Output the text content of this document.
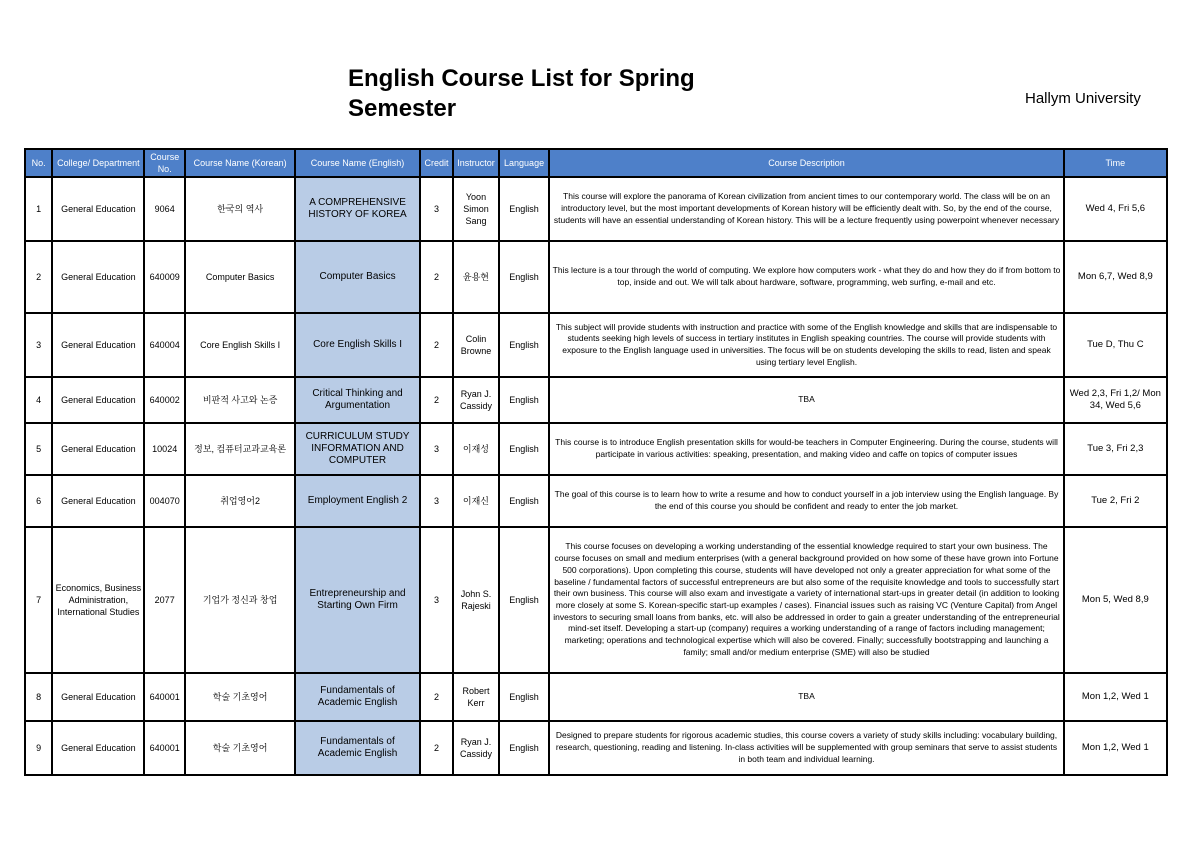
English Course List for Spring Semester	Hallym University
No.	College/ Department	Course No.	Course Name (Korean)	Course Name (English)	Credit	Instructor	Language	Course Description	Time
1	General Education	9064	한국의 역사	A COMPREHENSIVE HISTORY OF KOREA	3	Yoon Simon Sang	English	This course will explore the panorama of Korean civilization from ancient times to our contemporary world. The class will be on an introductory level, but the most important developments of Korean history will be efficiently dealt with. So, by the end of the course, students will have an essential understanding of Korean history. This will be a lecture frequently using powerpoint whenever necessary	Wed 4, Fri 5,6
2	General Education	640009	Computer Basics	Computer Basics	2	윤용현	English	This lecture is a tour through the world of computing. We explore how computers work - what they do and how they do if from bottom to top, inside and out. We will talk about hardware, software, programming, web surfing, e-mail and etc.	Mon 6,7, Wed 8,9
3	General Education	640004	Core English Skills I	Core English Skills I	2	Colin Browne	English	This subject will provide students with instruction and practice with some of the English knowledge and skills that are indispensable to students seeking high levels of success in tertiary institutes in English speaking countries. The course will provide students with exposure to the English language used in universities. The focus will be on students developing the skills to read, listen and speak using tertiary level English.	Tue D, Thu C
4	General Education	640002	비판적 사고와 논증	Critical Thinking and Argumentation	2	Ryan J. Cassidy	English	TBA	Wed 2,3, Fri 1,2/ Mon 34, Wed 5,6
5	General Education	10024	정보, 컴퓨터교과교육론	CURRICULUM STUDY INFORMATION AND COMPUTER	3	이재성	English	This course is to introduce English presentation skills for would-be teachers in Computer Engineering. During the course, students will participate in various activities: speaking, presentation, and making video and caffe on topics of computer issues	Tue 3, Fri 2,3
6	General Education	004070	취업영어2	Employment English 2	3	이재신	English	The goal of this course is to learn how to write a resume and how to conduct yourself in a job interview using the English language. By the end of this course you should be confident and ready to enter the job market.	Tue 2, Fri 2
7	Economics, Business Administration, International Studies	2077	기업가 정신과 창업	Entrepreneurship and Starting Own Firm	3	John S. Rajeski	English	This course focuses on developing a working understanding of the essential knowledge required to start your own business. The course focuses on small and medium enterprises (with a general background provided on how some of these have grown into Fortune 500 corporations). Upon completing this course, students will have developed not only a greater appreciation for what some of the baseline / fundamental factors of successful entrepreneurs are but also some of the requisite knowledge and tools to successfully start their own business. This course will also exam and investigate a variety of international start-ups in greater detail (in addition to looking more closely at some S. Korean-specific start-up examples / cases). Financial issues such as raising VC (Venture Capital) from Angel investors to securing small loans from banks, etc. will also be addressed in order to gain a greater understanding of the entrepreneurial mind-set itself. Developing a start-up (company) requires a working understanding of a range of factors including management; marketing; operations and technological expertise which will also be covered. Finally; successfully bootstrapping and launching a family; small and/or medium enterprise (SME) will also be studied	Mon 5, Wed 8,9
8	General Education	640001	학술 기초영어	Fundamentals of Academic English	2	Robert Kerr	English	TBA	Mon 1,2, Wed 1
9	General Education	640001	학술 기초영어	Fundamentals of Academic English	2	Ryan J. Cassidy	English	Designed to prepare students for rigorous academic studies, this course covers a variety of study skills including: vocabulary building, research, questioning, reading and listening. In-class activities will be supplemented with group seminars that serve to assist students in both team and individual learning.	Mon 1,2, Wed 1
